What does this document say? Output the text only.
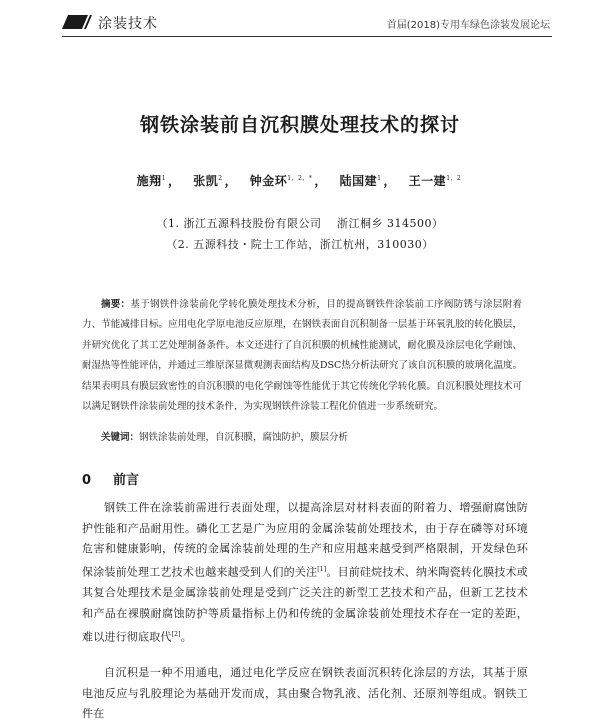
涂装技术	首届(2018)专用车绿色涂装发展论坛
钢铁涂装前自沉积膜处理技术的探讨
施翔$^1$ ， 张凯$^2$ ， 钟金环$^{1,2,*}$ ， 陆国建$^1$ ， 王一建$^{1,2}$
（1. 浙江五源科技股份有限公司　 浙江桐乡 314500）
（2. 五源科技・院士工作站，浙江杭州，310030）
摘要：基于钢铁件涂装前化学转化膜处理技术分析，目的提高钢铁件涂装前工序阀防锈与涂层附着力、节能减排目标。应用电化学原电池反应原理，在钢铁表面自沉积制备一层基于环氧乳胶的转化膜层，并研究优化了其工艺处理制备条件。本文还进行了自沉积膜的机械性能测试，耐化膜及涂层电化学耐蚀、耐湿热等性能评估，并通过三维原深显微观测表面结构及DSC热分析法研究了该自沉积膜的玻璃化温度。结果表明具有膜层致密性的自沉积膜的电化学耐蚀等性能优于其它传统化学转化膜。自沉积膜处理技术可以满足钢铁件涂装前处理的技术条件，为实现钢铁件涂装工程化价值进一步系统研究。
关键词：钢铁涂装前处理，自沉积膜，腐蚀防护，膜层分析
0 前言
钢铁工件在涂装前需进行表面处理，以提高涂层对材料表面的附着力、增强耐腐蚀防护性能和产品耐用性。磷化工艺是广为应用的金属涂装前处理技术，由于存在磷等对环境危害和健康影响，传统的金属涂装前处理的生产和应用越来越受到严格限制，开发绿色环保涂装前处理工艺技术也越来越受到人们的关注[1]。目前硅烷技术、纳米陶瓷转化膜技术或其复合处理技术是金属涂装前处理是受到广泛关注的新型工艺技术和产品，但新工艺技术和产品在裸膜耐腐蚀防护等质量指标上仍和传统的金属涂装前处理技术存在一定的差距，难以进行彻底取代[2]。
自沉积是一种不用通电，通过电化学反应在钢铁表面沉积转化涂层的方法，其基于原电池反应与乳胶理论为基础开发而成，其由聚合物乳液、活化剂、还原剂等组成。钢铁工件在
